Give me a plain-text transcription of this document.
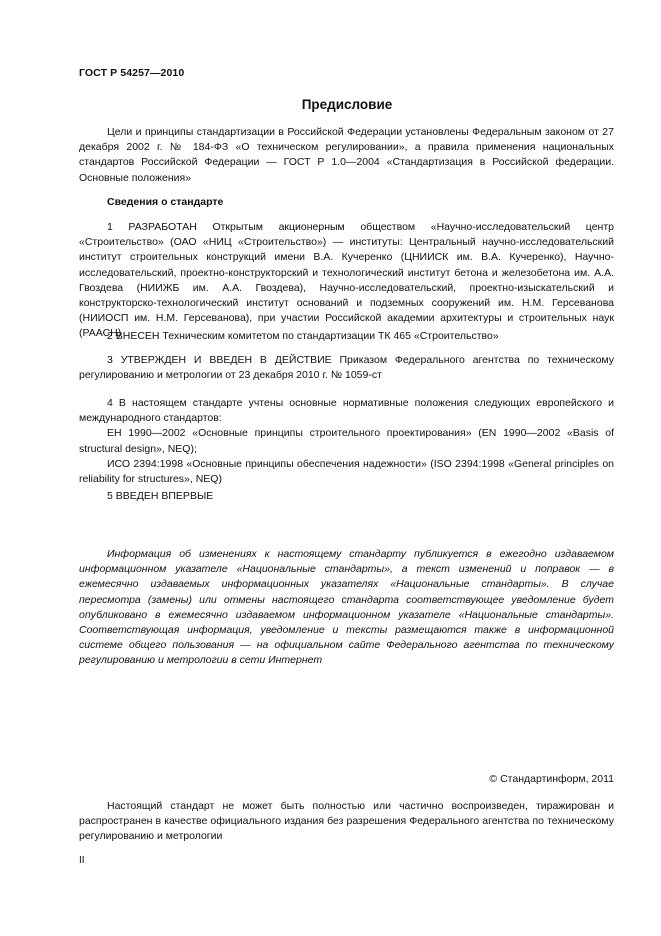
ГОСТ Р 54257—2010
Предисловие

Цели и принципы стандартизации в Российской Федерации установлены Федеральным законом от 27 декабря 2002 г. № 184-ФЗ «О техническом регулировании», а правила применения национальных стандартов Российской Федерации — ГОСТ Р 1.0—2004 «Стандартизация в Российской федерации. Основные положения»

Сведения о стандарте

1 РАЗРАБОТАН Открытым акционерным обществом «Научно-исследовательский центр «Строительство» (ОАО «НИЦ «Строительство») — институты: Центральный научно-исследовательский институт строительных конструкций имени В.А. Кучеренко (ЦНИИСК им. В.А. Кучеренко), Научно-исследовательский, проектно-конструкторский и технологический институт бетона и железобетона им. А.А. Гвоздева (НИИЖБ им. А.А. Гвоздева), Научно-исследовательский, проектно-изыскательский и конструкторско-технологический институт оснований и подземных сооружений им. Н.М. Герсеванова (НИИОСП им. Н.М. Герсеванова), при участии Российской академии архитектуры и строительных наук (РААСН)

2 ВНЕСЕН Техническим комитетом по стандартизации ТК 465 «Строительство»

3 УТВЕРЖДЕН И ВВЕДЕН В ДЕЙСТВИЕ Приказом Федерального агентства по техническому регулированию и метрологии от 23 декабря 2010 г. № 1059-ст

4 В настоящем стандарте учтены основные нормативные положения следующих европейского и международного стандартов:

ЕН 1990—2002 «Основные принципы строительного проектирования» (EN 1990—2002 «Basis of structural design», NEQ);

ИСО 2394:1998 «Основные принципы обеспечения надежности» (ISO 2394:1998 «General principles on reliability for structures», NEQ)

5 ВВЕДЕН ВПЕРВЫЕ

Информация об изменениях к настоящему стандарту публикуется в ежегодно издаваемом информационном указателе «Национальные стандарты», а текст изменений и поправок — в ежемесячно издаваемых информационных указателях «Национальные стандарты». В случае пересмотра (замены) или отмены настоящего стандарта соответствующее уведомление будет опубликовано в ежемесячно издаваемом информационном указателе «Национальные стандарты». Соответствующая информация, уведомление и тексты размещаются также в информационной системе общего пользования — на официальном сайте Федерального агентства по техническому регулированию и метрологии в сети Интернет

© Стандартинформ, 2011

Настоящий стандарт не может быть полностью или частично воспроизведен, тиражирован и распространен в качестве официального издания без разрешения Федерального агентства по техническому регулированию и метрологии

II
